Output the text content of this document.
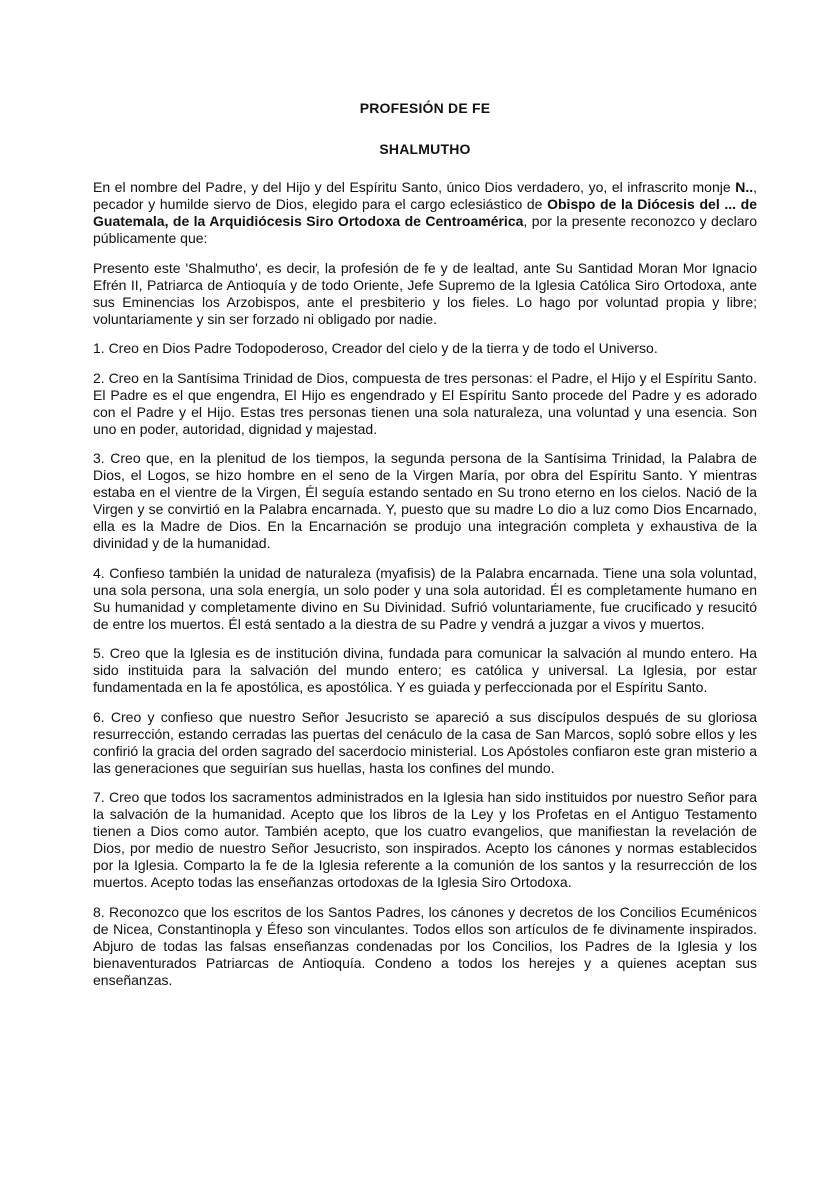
PROFESIÓN DE FE
SHALMUTHO

En el nombre del Padre, y del Hijo y del Espíritu Santo, único Dios verdadero, yo, el infrascrito monje N.., pecador y humilde siervo de Dios, elegido para el cargo eclesiástico de Obispo de la Diócesis del ... de Guatemala, de la Arquidiócesis Siro Ortodoxa de Centroamérica, por la presente reconozco y declaro públicamente que:

Presento este 'Shalmutho', es decir, la profesión de fe y de lealtad, ante Su Santidad Moran Mor Ignacio Efrén II, Patriarca de Antioquía y de todo Oriente, Jefe Supremo de la Iglesia Católica Siro Ortodoxa, ante sus Eminencias los Arzobispos, ante el presbiterio y los fieles. Lo hago por voluntad propia y libre; voluntariamente y sin ser forzado ni obligado por nadie.

1. Creo en Dios Padre Todopoderoso, Creador del cielo y de la tierra y de todo el Universo.

2. Creo en la Santísima Trinidad de Dios, compuesta de tres personas: el Padre, el Hijo y el Espíritu Santo. El Padre es el que engendra, El Hijo es engendrado y El Espíritu Santo procede del Padre y es adorado con el Padre y el Hijo. Estas tres personas tienen una sola naturaleza, una voluntad y una esencia. Son uno en poder, autoridad, dignidad y majestad.

3. Creo que, en la plenitud de los tiempos, la segunda persona de la Santísima Trinidad, la Palabra de Dios, el Logos, se hizo hombre en el seno de la Virgen María, por obra del Espíritu Santo. Y mientras estaba en el vientre de la Virgen, Él seguía estando sentado en Su trono eterno en los cielos. Nació de la Virgen y se convirtió en la Palabra encarnada. Y, puesto que su madre Lo dio a luz como Dios Encarnado, ella es la Madre de Dios. En la Encarnación se produjo una integración completa y exhaustiva de la divinidad y de la humanidad.

4. Confieso también la unidad de naturaleza (myafisis) de la Palabra encarnada. Tiene una sola voluntad, una sola persona, una sola energía, un solo poder y una sola autoridad. Él es completamente humano en Su humanidad y completamente divino en Su Divinidad. Sufrió voluntariamente, fue crucificado y resucitó de entre los muertos. Él está sentado a la diestra de su Padre y vendrá a juzgar a vivos y muertos.

5. Creo que la Iglesia es de institución divina, fundada para comunicar la salvación al mundo entero. Ha sido instituida para la salvación del mundo entero; es católica y universal. La Iglesia, por estar fundamentada en la fe apostólica, es apostólica. Y es guiada y perfeccionada por el Espíritu Santo.

6. Creo y confieso que nuestro Señor Jesucristo se apareció a sus discípulos después de su gloriosa resurrección, estando cerradas las puertas del cenáculo de la casa de San Marcos, sopló sobre ellos y les confirió la gracia del orden sagrado del sacerdocio ministerial. Los Apóstoles confiaron este gran misterio a las generaciones que seguirían sus huellas, hasta los confines del mundo.

7. Creo que todos los sacramentos administrados en la Iglesia han sido instituidos por nuestro Señor para la salvación de la humanidad. Acepto que los libros de la Ley y los Profetas en el Antiguo Testamento tienen a Dios como autor. También acepto, que los cuatro evangelios, que manifiestan la revelación de Dios, por medio de nuestro Señor Jesucristo, son inspirados. Acepto los cánones y normas establecidos por la Iglesia. Comparto la fe de la Iglesia referente a la comunión de los santos y la resurrección de los muertos. Acepto todas las enseñanzas ortodoxas de la Iglesia Siro Ortodoxa.

8. Reconozco que los escritos de los Santos Padres, los cánones y decretos de los Concilios Ecuménicos de Nicea, Constantinopla y Éfeso son vinculantes. Todos ellos son artículos de fe divinamente inspirados. Abjuro de todas las falsas enseñanzas condenadas por los Concilios, los Padres de la Iglesia y los bienaventurados Patriarcas de Antioquía. Condeno a todos los herejes y a quienes aceptan sus enseñanzas.
